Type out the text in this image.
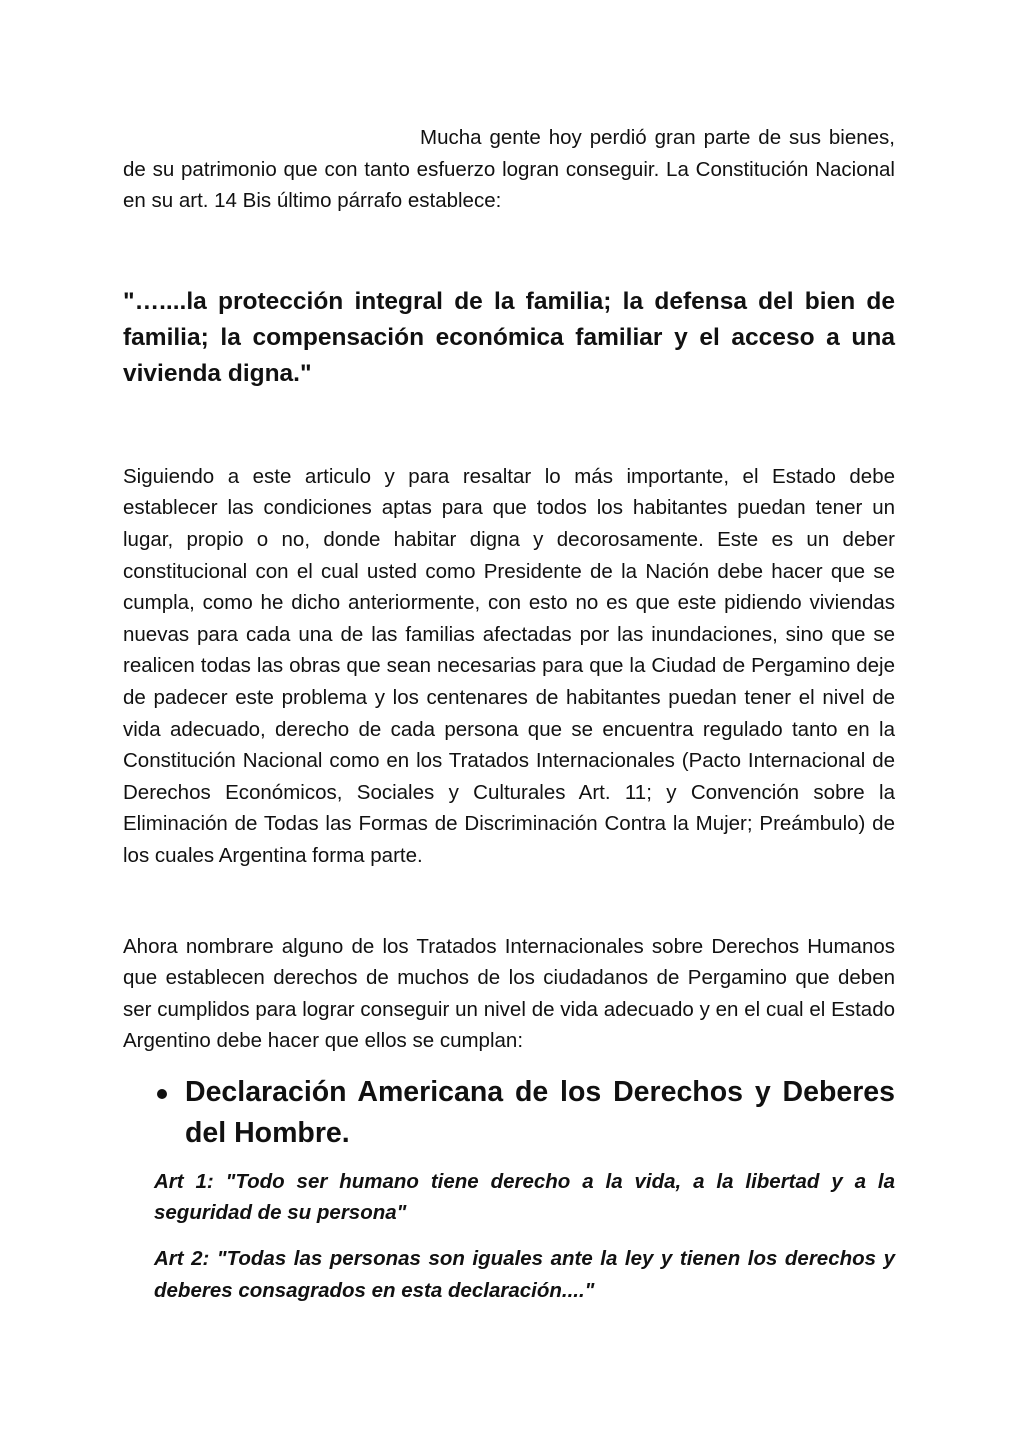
Mucha gente hoy perdió gran parte de sus bienes, de su patrimonio que con tanto esfuerzo logran conseguir. La Constitución Nacional en su art. 14 Bis último párrafo establece:

"…....la protección integral de la familia; la defensa del bien de familia; la compensación económica familiar y el acceso a una vivienda digna."

Siguiendo a este articulo y para resaltar lo más importante, el Estado debe establecer las condiciones aptas para que todos los habitantes puedan tener un lugar, propio o no, donde habitar digna y decorosamente. Este es un deber constitucional con el cual usted como Presidente de la Nación debe hacer que se cumpla, como he dicho anteriormente, con esto no es que este pidiendo viviendas nuevas para cada una de las familias afectadas por las inundaciones, sino que se realicen todas las obras que sean necesarias para que la Ciudad de Pergamino deje de padecer este problema y los centenares de habitantes puedan tener el nivel de vida adecuado, derecho de cada persona que se encuentra regulado tanto en la Constitución Nacional como en los Tratados Internacionales (Pacto Internacional de Derechos Económicos, Sociales y Culturales Art. 11; y Convención sobre la Eliminación de Todas las Formas de Discriminación Contra la Mujer; Preámbulo) de los cuales Argentina forma parte.

Ahora nombrare alguno de los Tratados Internacionales sobre Derechos Humanos que establecen derechos de muchos de los ciudadanos de Pergamino que deben ser cumplidos para lograr conseguir un nivel de vida adecuado y en el cual el Estado Argentino debe hacer que ellos se cumplan:

Declaración Americana de los Derechos y Deberes del Hombre.

Art 1: "Todo ser humano tiene derecho a la vida, a la libertad y a la seguridad de su persona"

Art 2: "Todas las personas son iguales ante la ley y tienen los derechos y deberes consagrados en esta declaración...."
